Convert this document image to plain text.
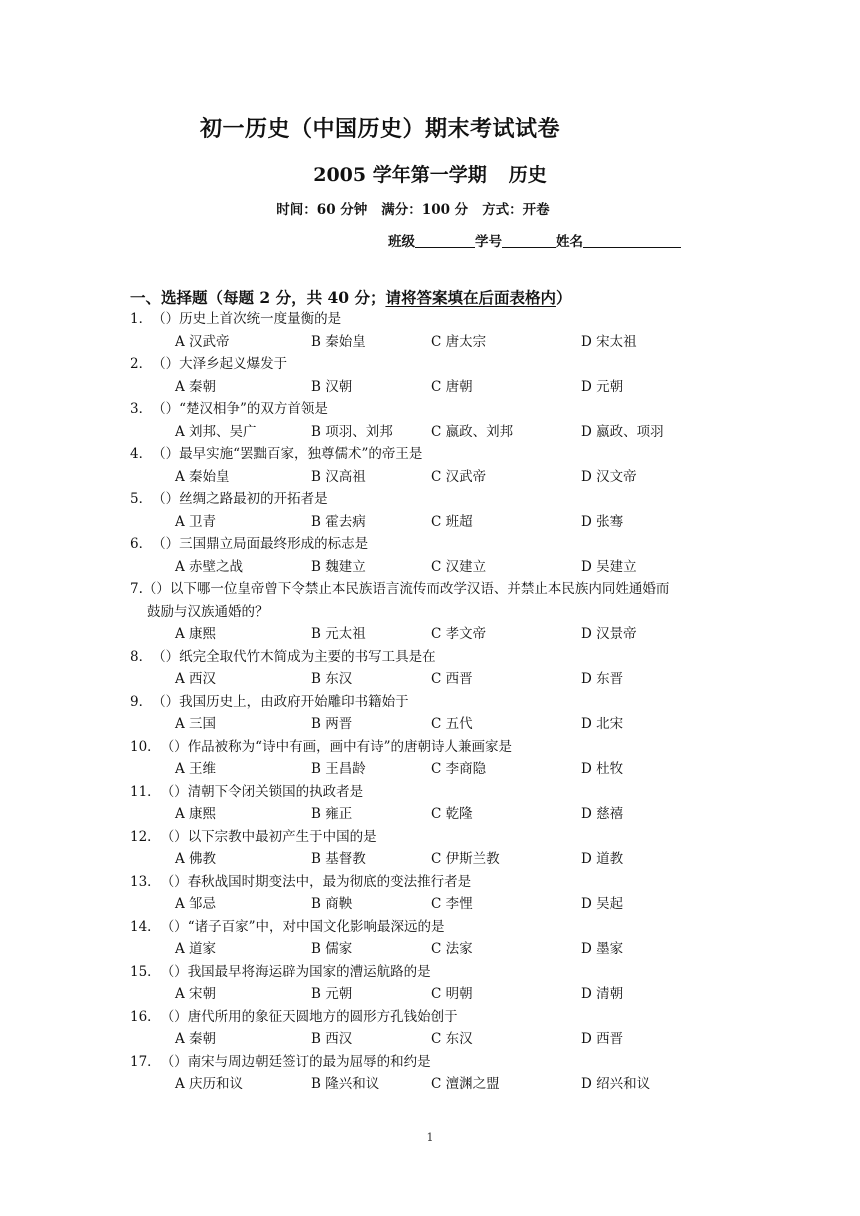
初一历史（中国历史）期末考试试卷
2005 学年第一学期 历史
时间：60 分钟 满分：100 分 方式：开卷
班级	学号	姓名
一、选择题（每题 2 分，共 40 分；请将答案填在后面表格内）
1． （） 历史上首次统一度量衡的是
A 汉武帝	B 秦始皇	C 唐太宗	D 宋太祖
2． （） 大泽乡起义爆发于
A 秦朝	B 汉朝	C 唐朝	D 元朝
3． （） “楚汉相争”的双方首领是
A 刘邦、吴广	B 项羽、刘邦	C 嬴政、刘邦	D 嬴政、项羽
4． （） 最早实施“罢黜百家，独尊儒术”的帝王是
A 秦始皇	B 汉高祖	C 汉武帝	D 汉文帝
5． （） 丝绸之路最初的开拓者是
A 卫青	B 霍去病	C 班超	D 张骞
6． （） 三国鼎立局面最终形成的标志是
A 赤壁之战	B 魏建立	C 汉建立	D 吴建立
7. （） 以下哪一位皇帝曾下令禁止本民族语言流传而改学汉语、并禁止本民族内同姓通婚而
鼓励与汉族通婚的？
A 康熙	B 元太祖	C 孝文帝	D 汉景帝
8． （） 纸完全取代竹木简成为主要的书写工具是在
A 西汉	B 东汉	C 西晋	D 东晋
9． （） 我国历史上，由政府开始雕印书籍始于
A 三国	B 两晋	C 五代	D 北宋
10． （） 作品被称为“诗中有画，画中有诗”的唐朝诗人兼画家是
A 王维	B 王昌龄	C 李商隐	D 杜牧
11． （） 清朝下令闭关锁国的执政者是
A 康熙	B 雍正	C 乾隆	D 慈禧
12． （） 以下宗教中最初产生于中国的是
A 佛教	B 基督教	C 伊斯兰教	D 道教
13． （） 春秋战国时期变法中，最为彻底的变法推行者是
A 邹忌	B 商鞅	C 李悝	D 吴起
14． （） “诸子百家”中，对中国文化影响最深远的是
A 道家	B 儒家	C 法家	D 墨家
15． （） 我国最早将海运辟为国家的漕运航路的是
A 宋朝	B 元朝	C 明朝	D 清朝
16． （） 唐代所用的象征天圆地方的圆形方孔钱始创于
A 秦朝	B 西汉	C 东汉	D 西晋
17． （） 南宋与周边朝廷签订的最为屈辱的和约是
A 庆历和议	B 隆兴和议	C 澶渊之盟	D 绍兴和议
1
